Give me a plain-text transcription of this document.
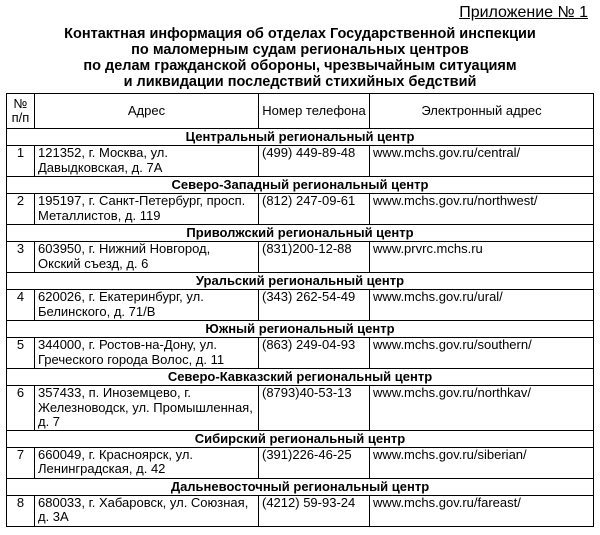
Приложение № 1
Контактная информация об отделах Государственной инспекции
по маломерным судам региональных центров
по делам гражданской обороны, чрезвычайным ситуациям
и ликвидации последствий стихийных бедствий
№ п/п	Адрес	Номер телефона	Электронный адрес
Центральный региональный центр			
1	121352, г. Москва, ул. Давыдковская, д. 7А	(499) 449-89-48	www.mchs.gov.ru/central/
Северо-Западный региональный центр			
2	195197, г. Санкт-Петербург, просп. Металлистов, д. 119	(812) 247-09-61	www.mchs.gov.ru/northwest/
Приволжский региональный центр			
3	603950, г. Нижний Новгород, Окский съезд, д. 6	(831)200-12-88	www.prvrc.mchs.ru
Уральский региональный центр			
4	620026, г. Екатеринбург, ул. Белинского, д. 71/В	(343) 262-54-49	www.mchs.gov.ru/ural/
Южный региональный центр			
5	344000, г. Ростов-на-Дону, ул. Греческого города Волос, д. 11	(863) 249-04-93	www.mchs.gov.ru/southern/
Северо-Кавказский региональный центр			
6	357433, п. Иноземцево, г. Железноводск, ул. Промышленная, д. 7	(8793)40-53-13	www.mchs.gov.ru/northkav/
Сибирский региональный центр			
7	660049, г. Красноярск, ул. Ленинградская, д. 42	(391)226-46-25	www.mchs.gov.ru/siberian/
Дальневосточный региональный центр			
8	680033, г. Хабаровск, ул. Союзная, д. 3А	(4212) 59-93-24	www.mchs.gov.ru/fareast/
